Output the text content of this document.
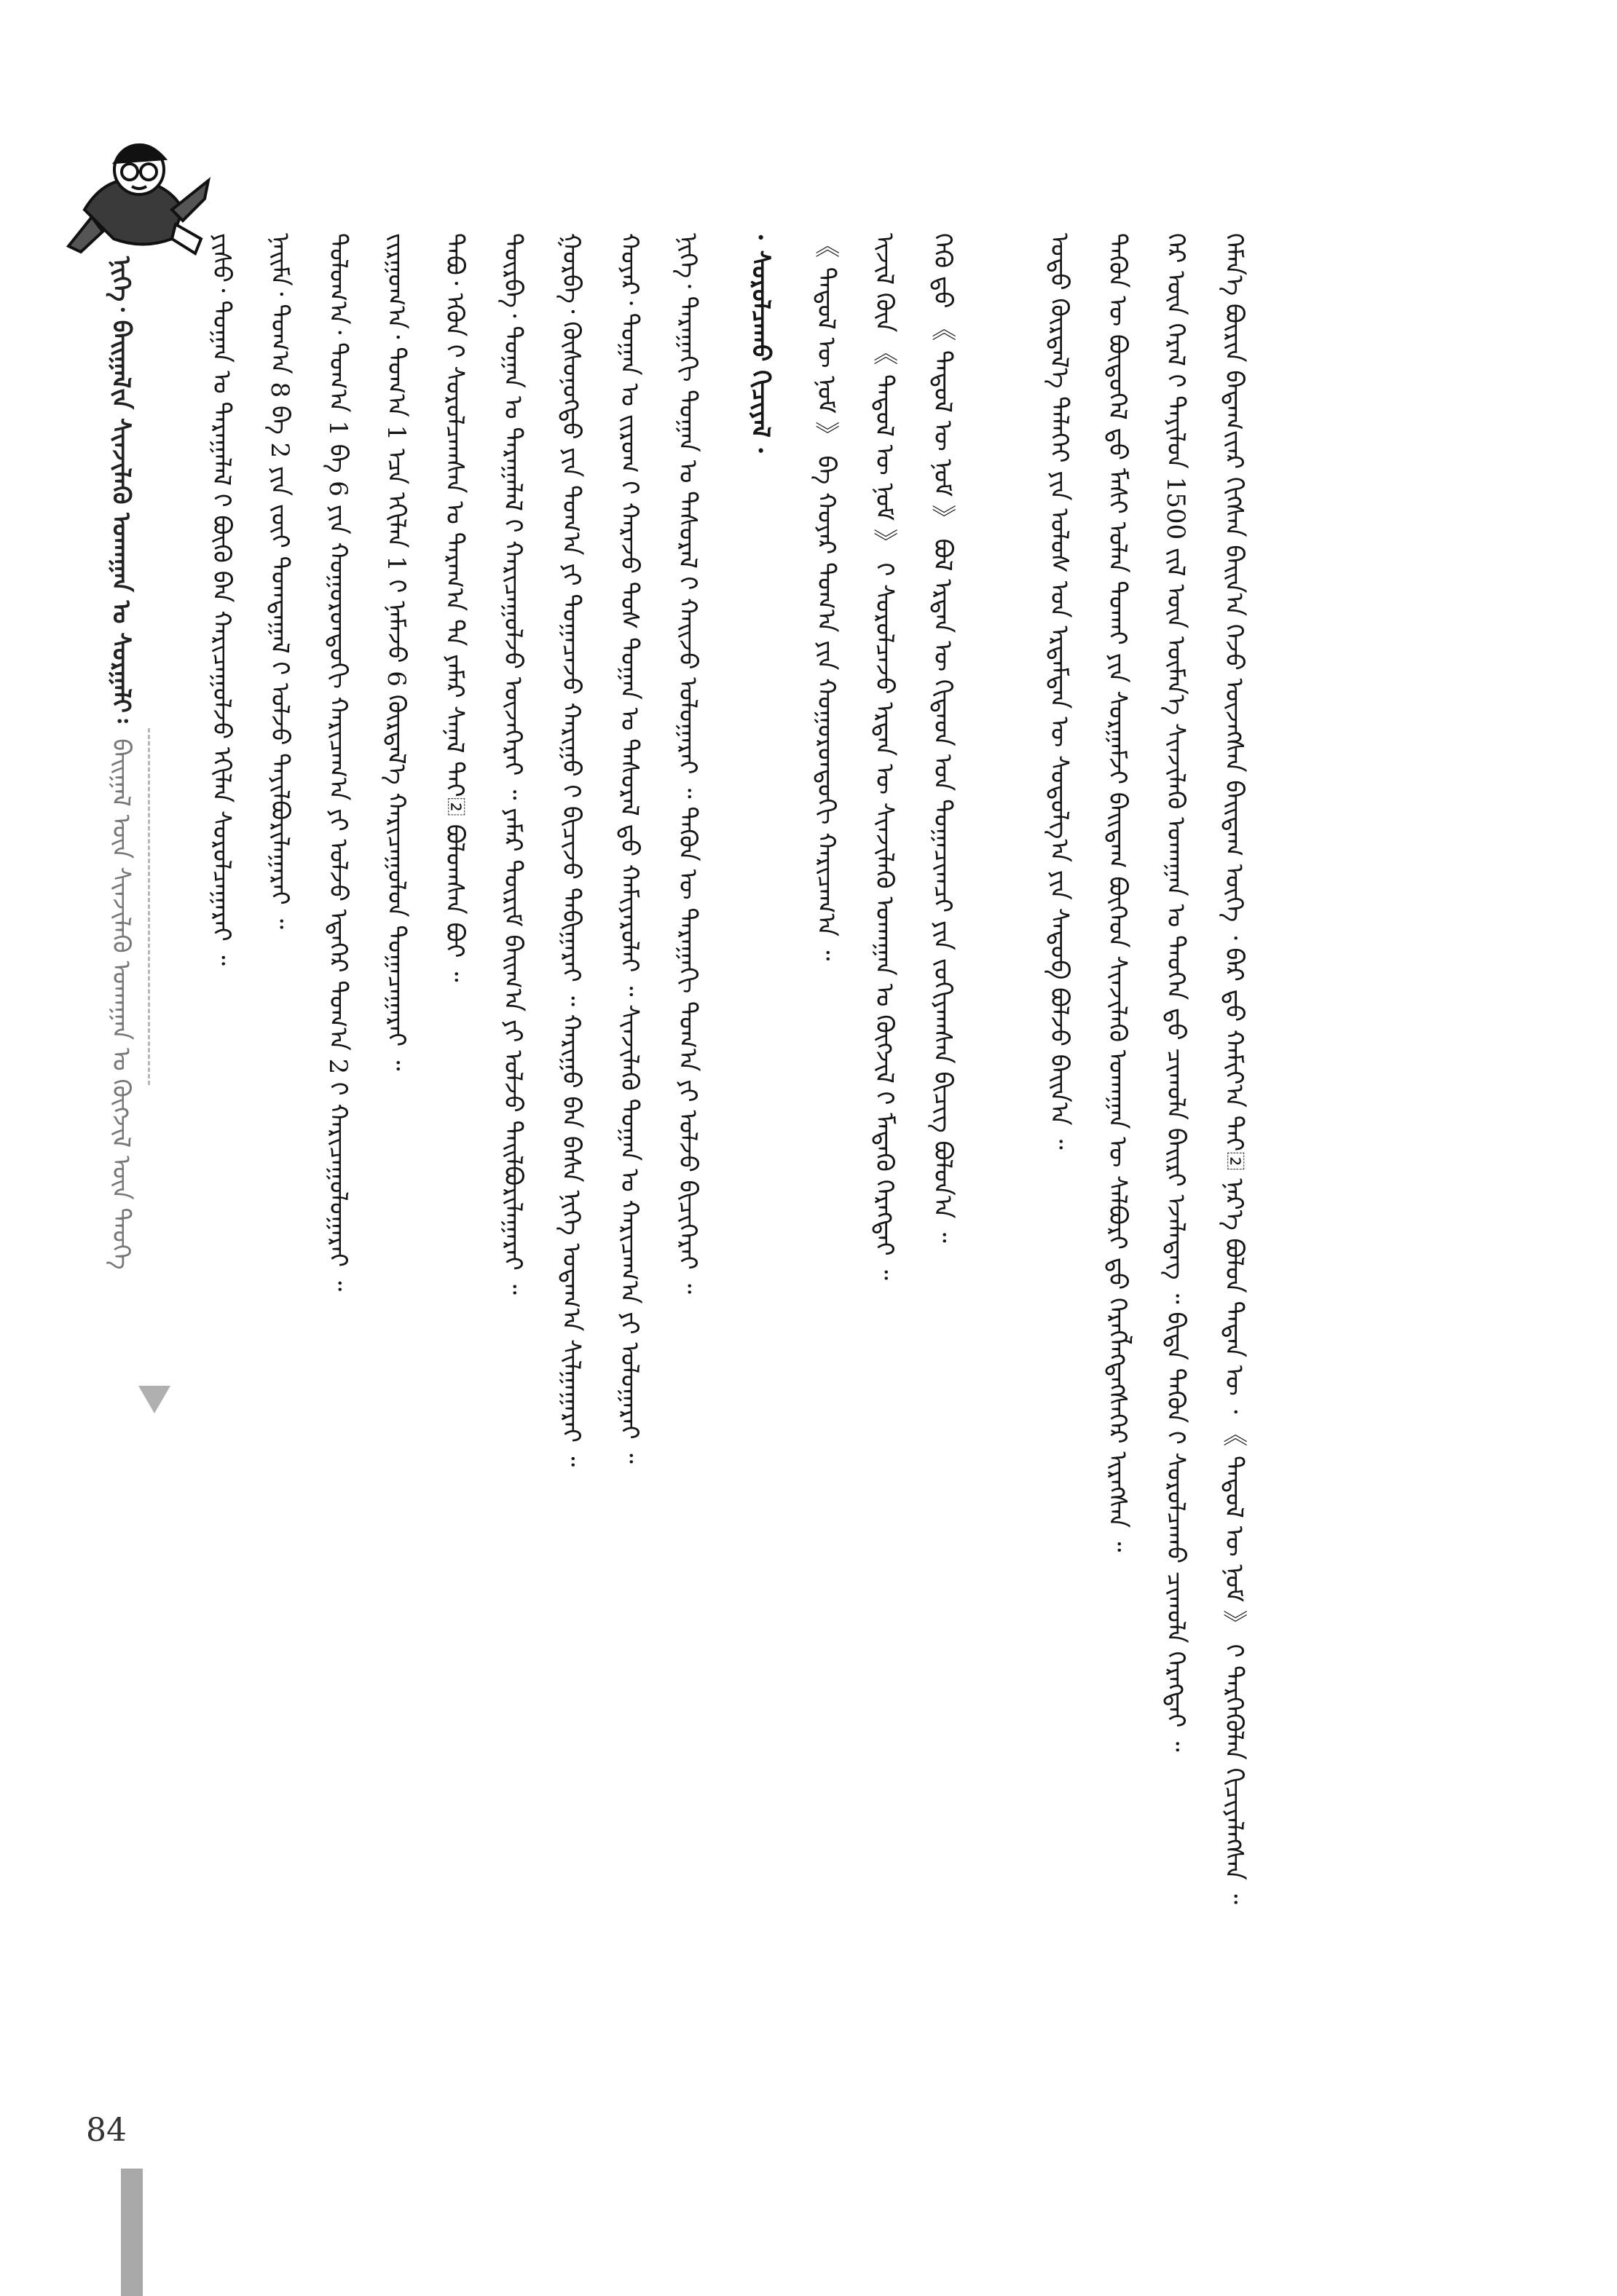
ᠨᠢᠭᠡ᠂ ᠪᠠᠢ᠌ᠭᠠᠯ᠎ᠢ᠋ᠨ ᠰᠢᠨᠵᠢᠯᠡᠬᠦ ᠤᠬᠠᠭᠠᠨ ᠤ ᠰᠤᠷᠭᠠᠯᠢ᠄

ᠪᠠᠢ᠌ᠭᠠᠯ ᠦᠨ ᠰᠢᠨᠵᠢᠯᠡᠬᠦ ᠤᠬᠠᠭᠠᠨ ᠤ ᠬᠦᠭᠵᠢᠯ ᠦᠨ ᠲᠡᠦᠬᠡ	ᠬᠡᠮᠡᠨ᠎ᠡ ᠪᠦᠷᠢᠨ ᠪᠠᠳᠠᠭ᠎ᠢ᠋ᠶ᠋ᠠᠷ ᠬᠢᠭᠰᠡᠨ ᠪᠠᠢ᠌ᠨ᠎ᠠ ᠭᠡᠵᠦ ᠦᠵᠡᠭᠰᠡᠨ ᠪᠠᠢ᠌ᠳᠠᠭ ᠦᠭᠡ ᠂ ᠪᠡᠷ ᠳ᠋ᠤ ᠬᠠᠮᠢᠶ᠎ᠠ ᠲᠠᠢ᠌ ᠨᠡᠷ᠎ᠡ ᠪᠤᠯᠤᠨ ᠲᠡᠳᠡᠨ ᠦ ᠂ 《 ᠲᠠᠳᠦᠯ ᠦ ᠨᠤᠮ 》 ᠢ᠋ ᠲᠡᠷᠭᠡᠭᠦᠯᠡᠨ ᠬᠢᠴᠢᠶᠡᠯᠡᠭᠰᠡᠨ ᠃
ᠭᠡᠷ ᠦᠨ ᠭᠡᠷᠡᠯ ᠢ᠋ ᠲᠠᠶᠢᠯᠤᠨ 1500 ᠵᠢᠯ ᠦᠨ ᠦᠮᠡᠨ᠎ᠡ ᠰᠢᠨᠵᠢᠯᠡᠬᠦ ᠤᠬᠠᠭᠠᠨ ᠤ ᠲᠡᠦᠬᠡᠨ ᠳ᠋ᠦ ᠴᠢᠬᠤᠯᠠ ᠪᠠᠢ᠌ᠷᠢ ᠡᠵᠡᠯᠡᠳᠡᠭ ᠃ ᠪᠢᠳᠡ ᠲᠡᠭᠦᠨ ᠢ᠋ ᠰᠤᠷᠤᠯᠴᠠᠬᠤ ᠴᠢᠬᠤᠯᠠ ᠬᠡᠷᠡᠭᠲᠡᠢ ᠃
ᠲᠡᠭᠦᠨ ᠦ ᠪᠦᠲᠦᠭᠡᠯ ᠳ᠋ᠤ ᠮᠠᠰᠢ ᠣᠯᠠᠨ ᠲᠤᠬᠠᠢ ᠶᠢᠨ ᠰᠤᠷᠭᠠᠮᠵᠢ ᠪᠠᠢ᠌ᠳᠠᠭ ᠪᠦᠭᠡᠳ ᠰᠢᠨᠵᠢᠯᠡᠬᠦ ᠤᠬᠠᠭᠠᠨ ᠦ ᠰᠠᠯᠪᠤᠷᠢ ᠳ᠋ᠤ ᠬᠡᠷᠡᠭᠯᠡᠭᠳᠡᠭᠰᠡᠭᠡᠷ ᠢᠷᠡᠭᠰᠡᠨ ᠃
ᠣᠳᠣ ᠬᠦᠷᠲᠡᠯ᠎ᠡ ᠳᠡᠯᠡᠬᠡᠢ ᠶᠢᠨ ᠤᠯᠤᠰ ᠤᠨ ᠡᠷᠳᠡᠮᠲᠡᠨ ᠦ ᠰᠤᠳᠤᠯᠭ᠎ᠠ ᠶᠢᠨ ᠰᠡᠳᠦᠪ ᠪᠣᠯᠵᠤ ᠪᠠᠢ᠌ᠨ᠎ᠠ ᠃
ᠭᠡᠬᠦ ᠳ᠋ᠦ 《 ᠲᠠᠳᠦᠯ ᠦ ᠨᠤᠮ 》 ᠪᠣᠯ ᠡᠷᠳᠡᠨ ᠦ ᠬᠢᠲᠠᠳ ᠤᠨ ᠲᠣᠭᠠᠴᠢᠭᠴᠢ ᠶᠢᠨ ᠵᠤᠬᠢᠶᠠᠭᠰᠠᠨ ᠪᠢᠴᠢᠭ ᠪᠣᠯᠤᠨ᠎ᠠ ᠃
ᠢᠵᠢᠯ ᠬᠦᠨ 《 ᠲᠠᠳᠦᠯ ᠦ ᠨᠤᠮ 》 ᠢ᠋ ᠰᠤᠷᠤᠯᠴᠠᠵᠤ ᠡᠷᠲᠡᠨ ᠦ ᠰᠢᠨᠵᠢᠯᠡᠬᠦ ᠤᠬᠠᠭᠠᠨ ᠤ ᠬᠦᠭᠵᠢᠯ ᠢ᠋ ᠮᠡᠳᠡᠬᠦ ᠬᠡᠷᠡᠭᠲᠡᠢ ᠃
《 ᠲᠠᠳᠦᠯ ᠦ ᠨᠤᠮ 》 ᠪᠠ ᠬᠣᠶᠠᠷ ᠲᠣᠭ᠎ᠠ ᠶᠢᠨ ᠬᠣᠭᠣᠷᠣᠨᠳᠣᠬᠢ ᠬᠠᠷᠢᠴᠠᠭ᠎ᠠ ᠃
· ᠰᠤᠷᠤᠯᠴᠠᠬᠤ ᠬᠢᠴᠢᠶᠡᠯ ·
ᠨᠢᠭᠡ᠂ ᠳᠠᠷᠠᠭᠠᠬᠢ ᠲᠣᠭᠠᠨ ᠤ ᠲᠠᠰᠤᠷᠠᠯ ᠢ᠋ ᠬᠠᠢ᠌ᠵᠤ ᠣᠯᠤᠭᠠᠷᠠᠢ ᠃ ᠲᠡᠭᠦᠨ ᠦ ᠳᠠᠷᠠᠭᠠᠬᠢ ᠲᠣᠭ᠎ᠠ ᠶᠢ ᠣᠯᠵᠤ ᠪᠢᠴᠢᠭᠡᠷᠡᠢ ᠃
ᠬᠣᠶᠠᠷ᠂ ᠲᠣᠭᠠᠨ ᠤ ᠵᠢᠷᠤᠭ ᠢ᠋ ᠬᠠᠷᠠᠵᠤ ᠲᠤᠰ ᠲᠣᠭᠠᠨ ᠤ ᠲᠠᠰᠤᠷᠠᠯ ᠳ᠋ᠤ ᠬᠠᠮᠢᠶᠠᠷᠤᠯᠠᠢ ᠃ ᠰᠢᠨᠵᠢᠯᠡᠬᠦ ᠲᠣᠭᠠᠨ ᠤ ᠬᠠᠷᠢᠴᠠᠭ᠎ᠠ ᠶᠢ ᠣᠯᠤᠭᠠᠷᠠᠢ ᠃
ᠭᠤᠷᠪᠠ᠂ ᠬᠦᠰᠦᠨᠦᠭᠲᠦ ᠶᠢᠨ ᠲᠣᠭ᠎ᠠ ᠶᠢ ᠲᠣᠭᠠᠴᠠᠵᠤ ᠬᠠᠷᠢᠭᠤ ᠢ᠋ ᠪᠢᠴᠢᠵᠦ ᠲᠠᠪᠢᠭᠠᠷᠠᠢ ᠃ ᠬᠠᠷᠢᠭᠤ ᠪᠠᠨ ᠪᠠᠰᠠ ᠨᠢᠭᠡ ᠤᠳᠠᠭ᠎ᠠ ᠰᠢᠯᠭᠠᠭᠠᠷᠠᠢ ᠃
ᠳᠥᠷᠪᠡ᠂ ᠲᠣᠭᠠᠨ ᠤ ᠳᠠᠷᠠᠭᠠᠯᠠᠯ ᠢ᠋ ᠬᠠᠷᠢᠴᠠᠭᠤᠯᠵᠤ ᠦᠵᠡᠭᠡᠷᠡᠢ ᠃ ᠶᠠᠮᠠᠷ ᠳᠦᠷᠢᠮ ᠪᠠᠢ᠌ᠭ᠎ᠠ ᠶᠢ ᠣᠯᠵᠤ ᠲᠠᠢ᠌ᠯᠪᠤᠷᠢᠯᠠᠭᠠᠷᠠᠢ ᠃
ᠲᠠᠪᠤ᠂ ᠡᠭᠦᠨ ᠢ᠋ ᠰᠤᠷᠤᠯᠴᠠᠭᠰᠠᠨ ᠤ ᠳᠠᠷᠠᠭ᠎ᠠ ᠲᠠ ᠶᠠᠮᠠᠷ ᠰᠠᠨᠠᠯ ᠲᠠᠢ᠌ ᠪᠣᠯᠤᠭᠰᠠᠨ ᠪᠤᠢ ᠃
ᠵᠢᠷᠭᠤᠭ᠎ᠠ᠂ ᠲᠣᠭ᠎ᠠ 1 ᠡᠴᠡ ᠡᠬᠢᠯᠡᠨ 1 ᠢ᠋ ᠨᠡᠮᠡᠵᠦ 6 ᠬᠦᠷᠲᠡᠯ᠎ᠡ ᠬᠠᠷᠢᠴᠠᠭᠤᠯᠤᠨ ᠲᠣᠭᠠᠴᠠᠭᠠᠷᠠᠢ ᠃
ᠳᠣᠯᠣᠭ᠎ᠠ᠂ ᠲᠣᠭ᠎ᠠ 1 ᠪᠠ 6 ᠶᠢᠨ ᠬᠣᠭᠣᠷᠣᠨᠳᠣᠬᠢ ᠬᠠᠷᠢᠴᠠᠭ᠎ᠠ ᠶᠢ ᠣᠯᠵᠤ ᠡᠳᠡᠭᠡᠷ ᠲᠣᠭ᠎ᠠ 2 ᠢ᠋ ᠬᠠᠷᠢᠴᠠᠭᠤᠯᠤᠭᠠᠷᠠᠢ ᠃
ᠨᠠᠢ᠌ᠮᠠ᠂ ᠲᠣᠭ᠎ᠠ 8 ᠪᠠ 2 ᠶᠢᠨ ᠵᠦᠢ ᠲᠣᠭᠲᠠᠭᠠᠯ ᠢ᠋ ᠣᠯᠵᠤ ᠲᠠᠶᠢᠯᠪᠤᠷᠢᠯᠠᠭᠠᠷᠠᠢ ᠃
ᠶᠢᠰᠦ᠂ ᠲᠣᠭᠠᠨ ᠤ ᠳᠠᠷᠠᠭᠠᠯᠠᠯ ᠢ᠋ ᠪᠦᠬᠦ ᠪᠠᠨ ᠬᠠᠷᠢᠴᠠᠭᠤᠯᠵᠤ ᠡᠬᠢᠯᠡᠨ ᠰᠤᠷᠤᠯᠴᠠᠭᠠᠷᠠᠢ ᠃
84
